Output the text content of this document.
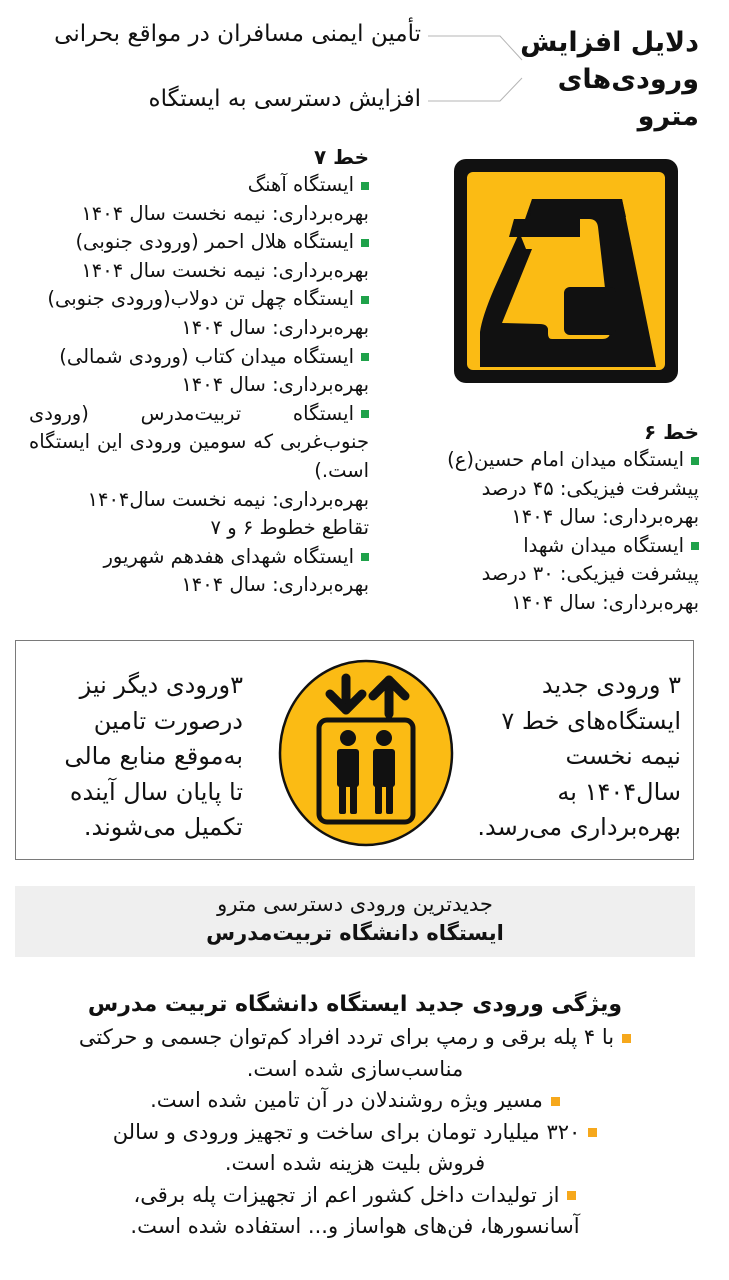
دلایل افزایش
ورودی‌های مترو
تأمین ایمنی مسافران در مواقع بحرانی
افزایش دسترسی به ایستگاه
خط ۷

ایستگاه آهنگ

بهره‌برداری: نیمه نخست سال ۱۴۰۴

ایستگاه هلال احمر (ورودی جنوبی)

بهره‌برداری: نیمه نخست سال ۱۴۰۴

ایستگاه چهل تن دولاب(ورودی جنوبی)

بهره‌برداری: سال ۱۴۰۴

ایستگاه میدان کتاب (ورودی شمالی)

بهره‌برداری: سال ۱۴۰۴

ایستگاه تربیت‌مدرس (ورودی جنوب‌غربی که سومین ورودی این ایستگاه است.)

بهره‌برداری: نیمه نخست سال۱۴۰۴

تقاطع خطوط ۶ و ۷

ایستگاه شهدای هفدهم شهریور

بهره‌برداری: سال ۱۴۰۴

خط ۶

ایستگاه میدان امام حسین(ع)

پیشرفت فیزیکی: ۴۵ درصد

بهره‌برداری: سال ۱۴۰۴

ایستگاه میدان شهدا

پیشرفت فیزیکی: ۳۰ درصد

بهره‌برداری: سال ۱۴۰۴

۳ ورودی جدید
ایستگاه‌های خط ۷
نیمه نخست
سال۱۴۰۴ به
بهره‌برداری می‌رسد.
۳ورودی دیگر نیز
درصورت تامین
به‌موقع منابع مالی
تا پایان سال آینده
تکمیل می‌شوند.
جدیدترین ورودی دسترسی مترو
ایستگاه دانشگاه تربیت‌مدرس
ویژگی ورودی جدید ایستگاه دانشگاه تربیت مدرس

با ۴ پله برقی و رمپ برای تردد افراد کم‌توان جسمی و حرکتی

مناسب‌سازی شده است.

مسیر ویژه روشندلان در آن تامین شده است.

۳۲۰ میلیارد تومان برای ساخت و تجهیز ورودی و سالن

فروش بلیت هزینه شده است.

از تولیدات داخل کشور اعم از تجهیزات پله برقی،

آسانسورها، فن‌های هواساز و... استفاده شده است.
